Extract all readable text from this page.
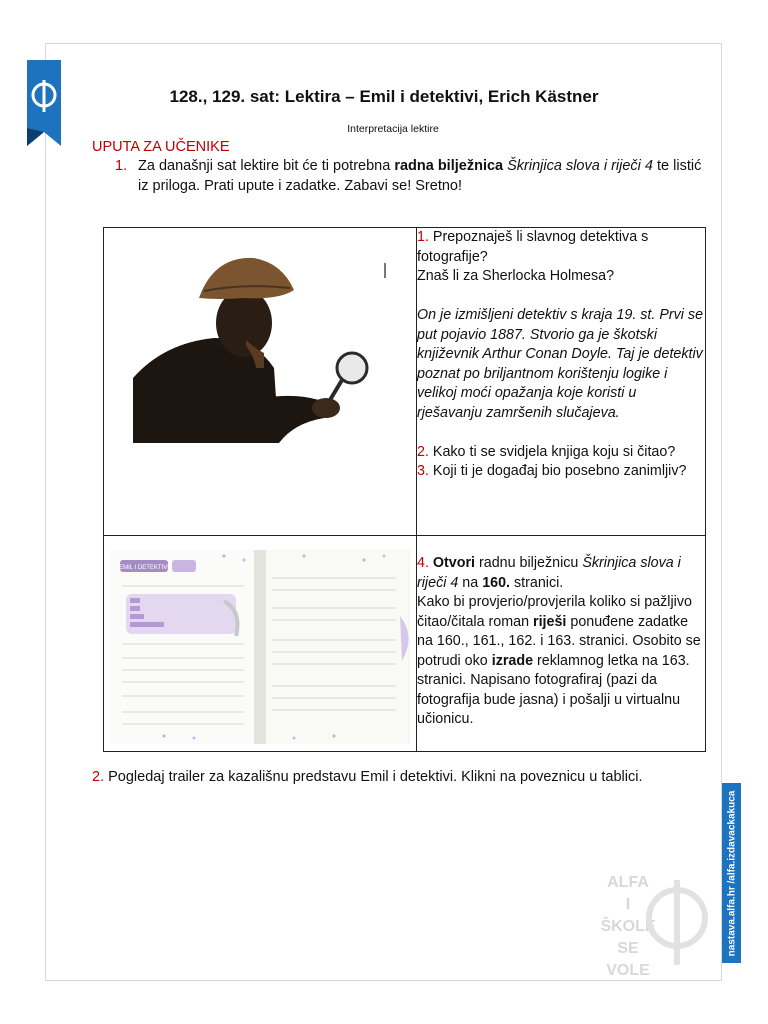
128., 129. sat: Lektira – Emil i detektivi, Erich Kästner
Interpretacija lektire
UPUTA ZA UČENIKE
1. Za današnji sat lektire bit će ti potrebna radna bilježnica Škrinjica slova i riječi 4 te listić iz priloga. Prati upute i zadatke. Zabavi se! Sretno!

1. Prepoznaješ li slavnog detektiva s fotografije?
Znaš li za Sherlocka Holmesa?
On je izmišljeni detektiv s kraja 19. st. Prvi se put pojavio 1887. Stvorio ga je škotski književnik Arthur Conan Doyle. Taj je detektiv poznat po briljantnom korištenju logike i velikoj moći opažanja koje koristi u rješavanju zamršenih slučajeva.
2. Kako ti se svidjela knjiga koju si čitao?
3. Koji ti je događaj bio posebno zanimljiv?

EMIL I DETEKTIVI	4. Otvori radnu bilježnicu Škrinjica slova i riječi 4 na 160. stranici.
Kako bi provjerio/provjerila koliko si pažljivo čitao/čitala roman riješi ponuđene zadatke na 160., 161., 162. i 163. stranici. Osobito se potrudi oko izrade reklamnog letka na 163. stranici. Napisano fotografiraj (pazi da fotografija bude jasna) i pošalji u virtualnu učionicu.
2. Pogledaj trailer za kazališnu predstavu Emil i detektivi. Klikni na poveznicu u tablici.
ALFA
I ŠKOLE
SE VOLE
nastava.alfa.hr /alfa.izdavackakuca
